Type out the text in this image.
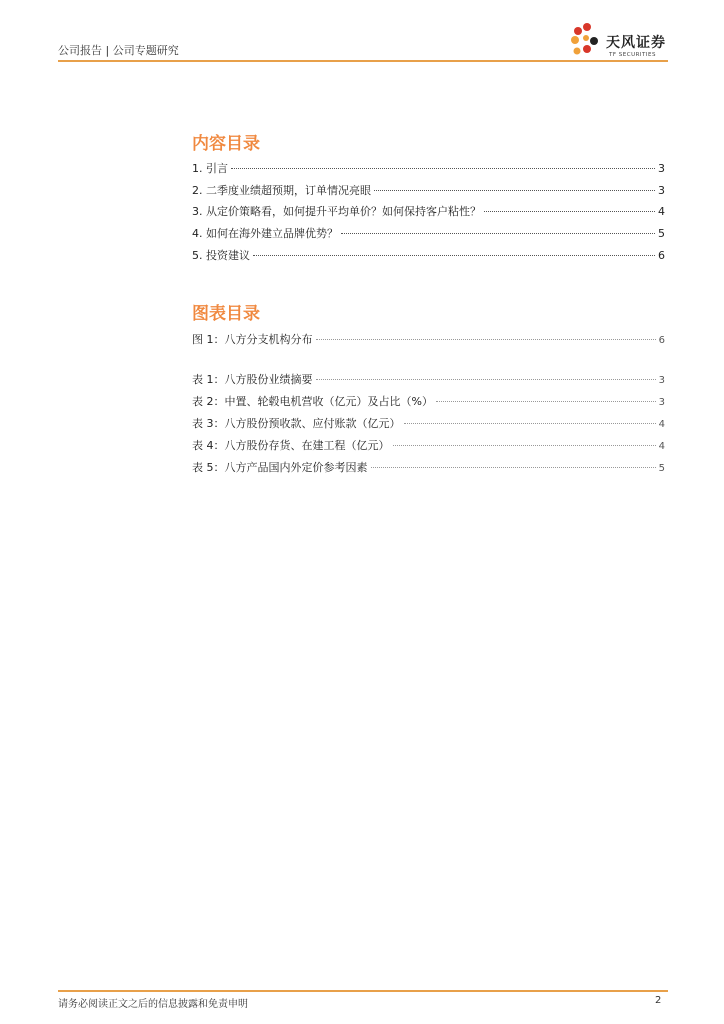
公司报告 | 公司专题研究	天风证券
TF SECURITIES
内容目录
1. 引言	3
2. 二季度业绩超预期，订单情况亮眼	3
3. 从定价策略看，如何提升平均单价？如何保持客户粘性？	4
4. 如何在海外建立品牌优势？	5
5. 投资建议	6
图表目录
图 1：八方分支机构分布	6
表 1：八方股份业绩摘要	3
表 2：中置、轮毂电机营收（亿元）及占比（%）	3
表 3：八方股份预收款、应付账款（亿元）	4
表 4：八方股份存货、在建工程（亿元）	4
表 5：八方产品国内外定价参考因素	5
请务必阅读正文之后的信息披露和免责申明	2
